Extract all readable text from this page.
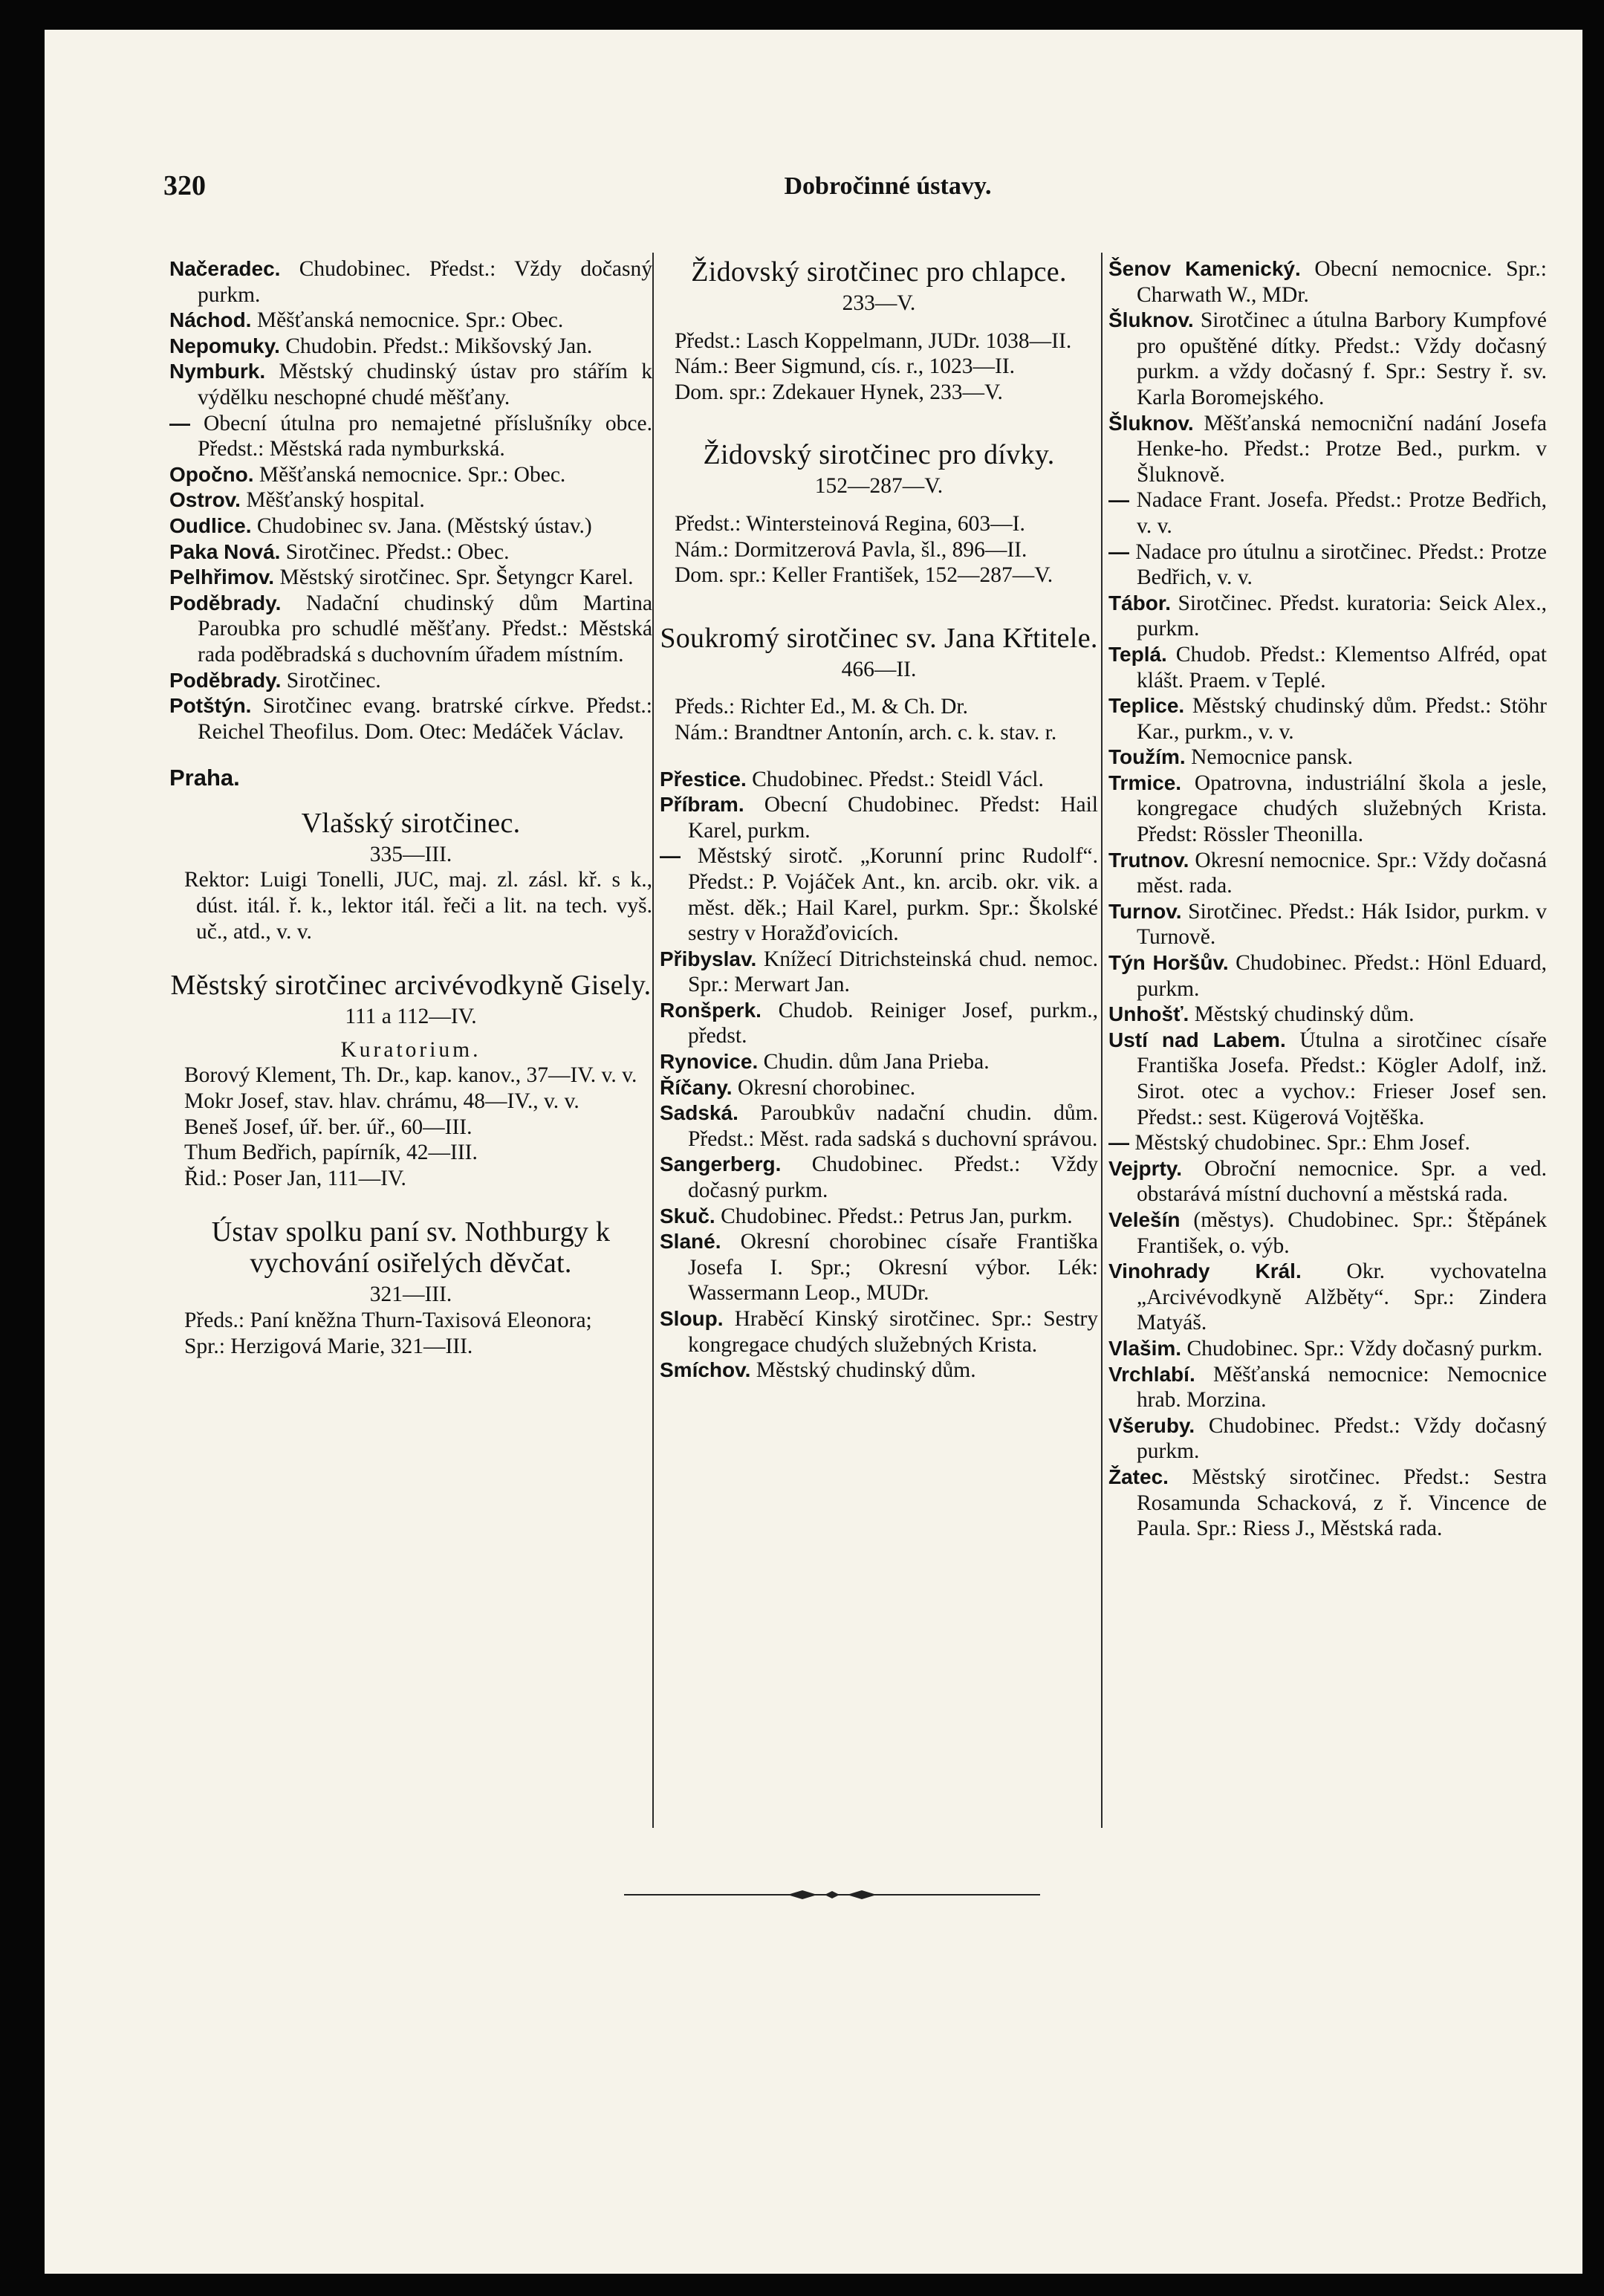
320	Dobročinné ústavy.

Načeradec. Chudobinec. Předst.: Vždy dočasný purkm.

Náchod. Měšťanská nemocnice. Spr.: Obec.

Nepomuky. Chudobin. Předst.: Mikšovský Jan.

Nymburk. Městský chudinský ústav pro stářím k výdělku neschopné chudé měšťany.

— Obecní útulna pro nemajetné příslušníky obce. Předst.: Městská rada nymburkská.

Opočno. Měšťanská nemocnice. Spr.: Obec.

Ostrov. Měšťanský hospital.

Oudlice. Chudobinec sv. Jana. (Městský ústav.)

Paka Nová. Sirotčinec. Předst.: Obec.

Pelhřimov. Městský sirotčinec. Spr. Šetyngcr Karel.

Poděbrady. Nadační chudinský dům Martina Paroubka pro schudlé měšťany. Předst.: Městská rada poděbradská s duchovním úřadem místním.

Poděbrady. Sirotčinec.

Potštýn. Sirotčinec evang. bratrské církve. Předst.: Reichel Theofilus. Dom. Otec: Medáček Václav.

Praha.
Vlašský sirotčinec.

335—III.

Rektor: Luigi Tonelli, JUC, maj. zl. zásl. kř. s k., dúst. itál. ř. k., lektor itál. řeči a lit. na tech. vyš. uč., atd., v. v.

Městský sirotčinec arcivévodkyně Gisely.

111 a 112—IV.

Kuratorium.

Borový Klement, Th. Dr., kap. kanov., 37—IV. v. v.

Mokr Josef, stav. hlav. chrámu, 48—IV., v. v.

Beneš Josef, úř. ber. úř., 60—III.

Thum Bedřich, papírník, 42—III.

Řid.: Poser Jan, 111—IV.

Ústav spolku paní sv. Nothburgy k vychování osiřelých děvčat.

321—III.

Předs.: Paní kněžna Thurn-Taxisová Eleonora;

Spr.: Herzigová Marie, 321—III.

Židovský sirotčinec pro chlapce.

233—V.

Předst.: Lasch Koppelmann, JUDr. 1038—II.

Nám.: Beer Sigmund, cís. r., 1023—II.

Dom. spr.: Zdekauer Hynek, 233—V.

Židovský sirotčinec pro dívky.

152—287—V.

Předst.: Wintersteinová Regina, 603—I.

Nám.: Dormitzerová Pavla, šl., 896—II.

Dom. spr.: Keller František, 152—287—V.

Soukromý sirotčinec sv. Jana Křtitele.

466—II.

Předs.: Richter Ed., M. & Ch. Dr.

Nám.: Brandtner Antonín, arch. c. k. stav. r.

Přestice. Chudobinec. Předst.: Steidl Václ.

Příbram. Obecní Chudobinec. Předst: Hail Karel, purkm.

— Městský sirotč. „Korunní princ Rudolf“. Předst.: P. Vojáček Ant., kn. arcib. okr. vik. a měst. děk.; Hail Karel, purkm. Spr.: Školské sestry v Horažďovicích.

Přibyslav. Knížecí Ditrichsteinská chud. nemoc. Spr.: Merwart Jan.

Ronšperk. Chudob. Reiniger Josef, purkm., předst.

Rynovice. Chudin. dům Jana Prieba.

Říčany. Okresní chorobinec.

Sadská. Paroubkův nadační chudin. dům. Předst.: Měst. rada sadská s duchovní správou.

Sangerberg. Chudobinec. Předst.: Vždy dočasný purkm.

Skuč. Chudobinec. Předst.: Petrus Jan, purkm.

Slané. Okresní chorobinec císaře Františka Josefa I. Spr.; Okresní výbor. Lék: Wassermann Leop., MUDr.

Sloup. Hraběcí Kinský sirotčinec. Spr.: Sestry kongregace chudých služebných Krista.

Smíchov. Městský chudinský dům.

Šenov Kamenický. Obecní nemocnice. Spr.: Charwath W., MDr.

Šluknov. Sirotčinec a útulna Barbory Kumpfové pro opuštěné dítky. Předst.: Vždy dočasný purkm. a vždy dočasný f. Spr.: Sestry ř. sv. Karla Boromejského.

Šluknov. Měšťanská nemocniční nadání Josefa Henke-ho. Předst.: Protze Bed., purkm. v Šluknově.

— Nadace Frant. Josefa. Předst.: Protze Bedřich, v. v.

— Nadace pro útulnu a sirotčinec. Předst.: Protze Bedřich, v. v.

Tábor. Sirotčinec. Předst. kuratoria: Seick Alex., purkm.

Teplá. Chudob. Předst.: Klementso Alfréd, opat klášt. Praem. v Teplé.

Teplice. Městský chudinský dům. Předst.: Stöhr Kar., purkm., v. v.

Toužím. Nemocnice pansk.

Trmice. Opatrovna, industriální škola a jesle, kongregace chudých služebných Krista. Předst: Rössler Theonilla.

Trutnov. Okresní nemocnice. Spr.: Vždy dočasná měst. rada.

Turnov. Sirotčinec. Předst.: Hák Isidor, purkm. v Turnově.

Týn Horšův. Chudobinec. Předst.: Hönl Eduard, purkm.

Unhošť. Městský chudinský dům.

Ustí nad Labem. Útulna a sirotčinec císaře Františka Josefa. Předst.: Kögler Adolf, inž. Sirot. otec a vychov.: Frieser Josef sen. Předst.: sest. Kügerová Vojtěška.

— Městský chudobinec. Spr.: Ehm Josef.

Vejprty. Obroční nemocnice. Spr. a ved. obstarává místní duchovní a městská rada.

Velešín (městys). Chudobinec. Spr.: Štěpánek František, o. výb.

Vinohrady Král. Okr. vychovatelna „Arcivévodkyně Alžběty“. Spr.: Zindera Matyáš.

Vlašim. Chudobinec. Spr.: Vždy dočasný purkm.

Vrchlabí. Měšťanská nemocnice: Nemocnice hrab. Morzina.

Všeruby. Chudobinec. Předst.: Vždy dočasný purkm.

Žatec. Městský sirotčinec. Předst.: Sestra Rosamunda Schacková, z ř. Vincence de Paula. Spr.: Riess J., Městská rada.
